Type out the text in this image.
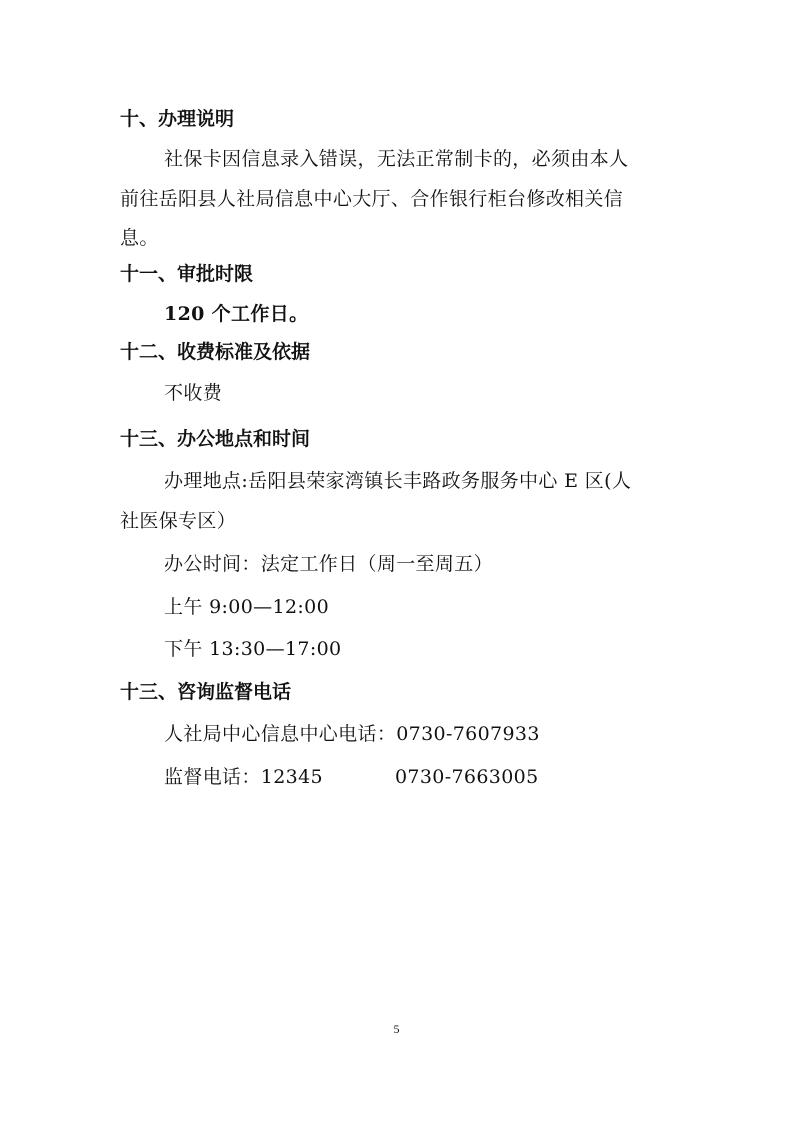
十、办理说明
社保卡因信息录入错误，无法正常制卡的，必须由本人
前往岳阳县人社局信息中心大厅、合作银行柜台修改相关信
息。
十一、审批时限
120 个工作日。
十二、收费标准及依据
不收费
十三、办公地点和时间
办理地点:岳阳县荣家湾镇长丰路政务服务中心 E 区(人
社医保专区）
办公时间：法定工作日（周一至周五）
上午 9:00—12:00
下午 13:30—17:00
十三、咨询监督电话
人社局中心信息中心电话：0730-7607933
监督电话：12345	0730-7663005
5
